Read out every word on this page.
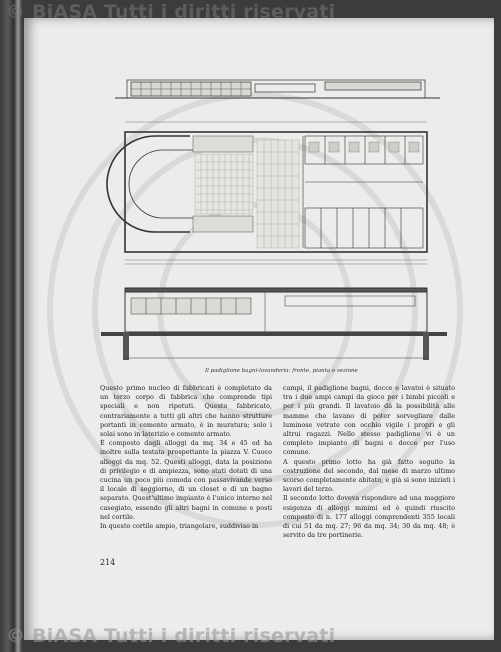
© BiASA Tutti i diritti riservati
Il padiglione bagni-lavanderia: fronte, pianta e sezione

Questo primo nucleo di fabbricati è completato da un terzo corpo di fabbrica che comprende tipi speciali e non ripetuti. Questo fabbricato, contrariamente a tutti gli altri che hanno strutture portanti in cemento armato, è in muratura; solo i solai sono in laterizio e cemento armato.

È composto dagli alloggi da mq. 34 e 45 ed ha inoltre sulla testata prospettante la piazza V. Cuoco alloggi da mq. 52. Questi alloggi, data la posizione di privilegio e di ampiezza, sono stati dotati di una cucina un poco più comoda con passavivande verso il locale di soggiorno, di un closet e di un bagno separato. Quest'ultimo impianto è l'unico interno nel casegiato, essendo gli altri bagni in comune e posti nel cortile.

In questo cortile ampio, triangolare, suddiviso in

campi, il padiglione bagni, docce e lavatoi è situato tra i due ampi campi da gioco per i bimbi piccoli e per i più grandi. Il lavatoio dà la possibilità alle mamme che lavano di poter sorvegliare dalle luminose vetrate con occhio vigile i propri e gli altrui ragazzi. Nello stesso padiglione vi è un completo impianto di bagni e docce per l'uso comune.

A questo primo lotto ha già fatto seguito la costruzione del secondo, dal mese di marzo ultimo scorso completamente abitato, e già si sono iniziati i lavori del terzo.

Il secondo lotto doveva rispondere ad una maggiore esigenza di alloggi minimi ed è quindi riuscito composto di n. 177 alloggi comprendenti 355 locali di cui 51 da mq. 27; 96 da mq. 34; 30 da mq. 48; è servito da tre portinerie.

214
© BiASA Tutti i diritti riservati
